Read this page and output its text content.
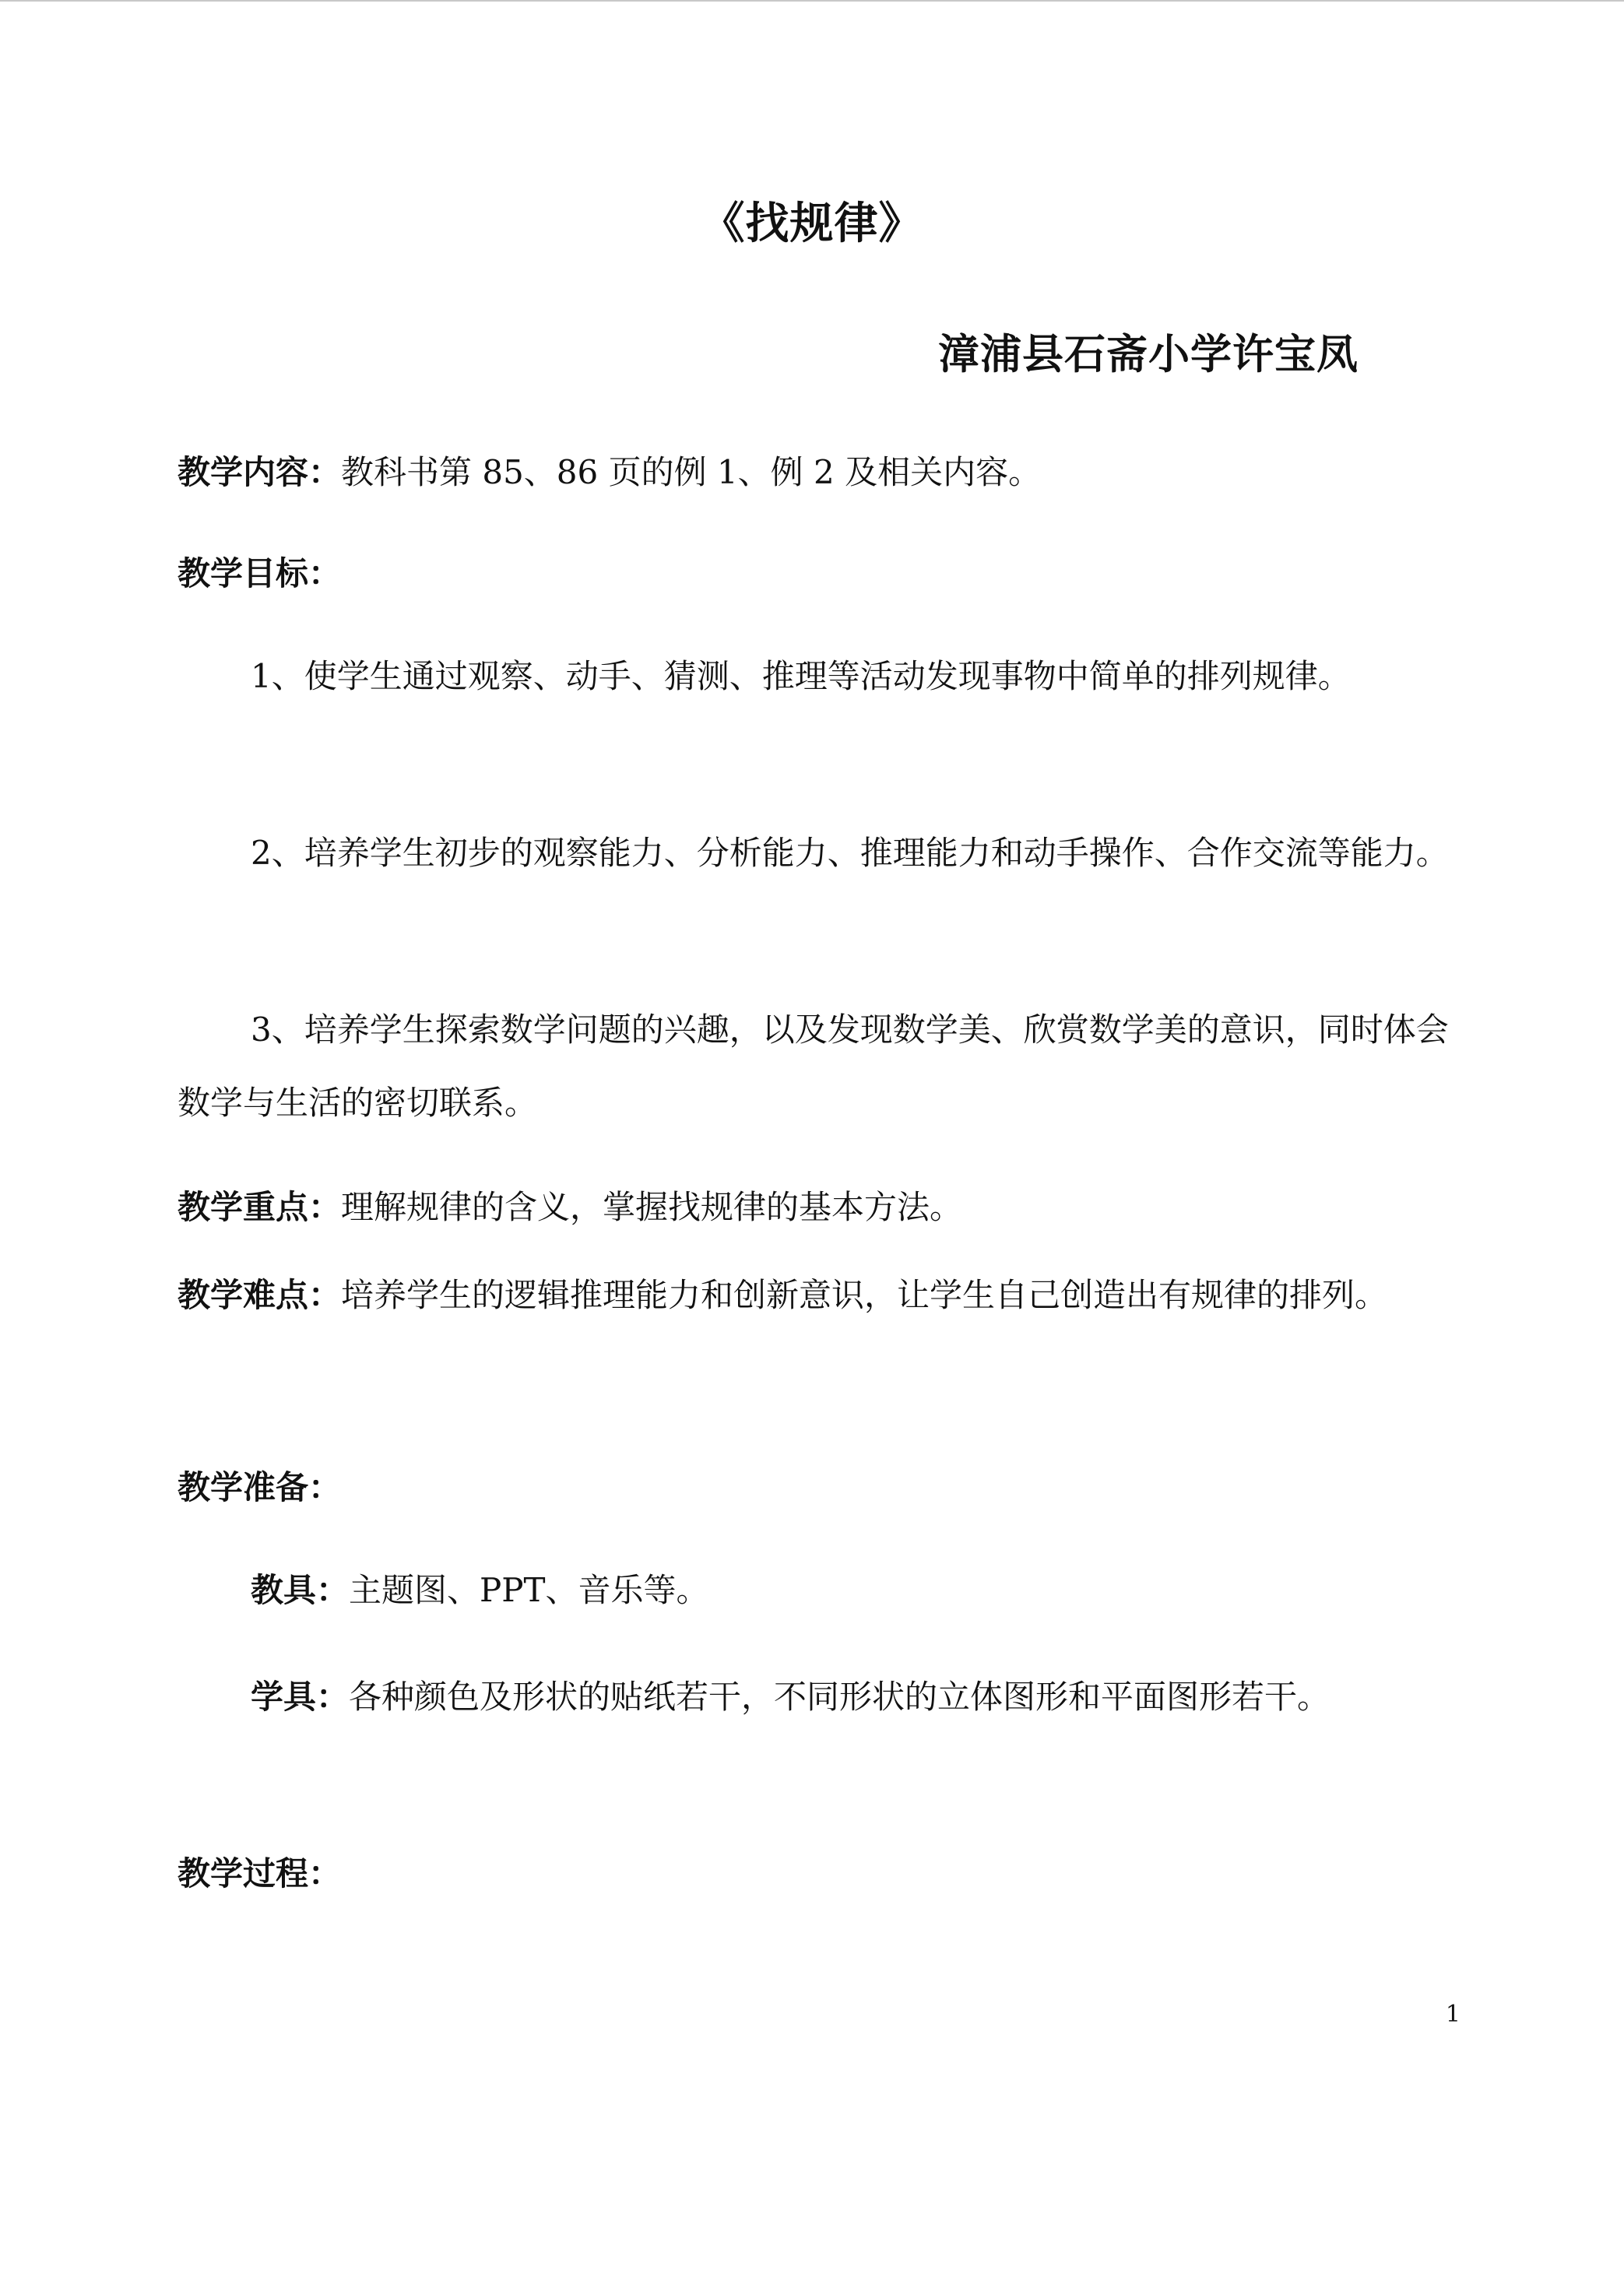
《找规律》
漳浦县石斋小学许宝凤
教学内容：教科书第 85、86 页的例 1、例 2 及相关内容。
教学目标：
1、使学生通过观察、动手、猜测、推理等活动发现事物中简单的排列规律。
2、培养学生初步的观察能力、分析能力、推理能力和动手操作、合作交流等能力。
3、培养学生探索数学问题的兴趣，以及发现数学美、欣赏数学美的意识，同时体会数学与生活的密切联系。
教学重点：理解规律的含义，掌握找规律的基本方法。
教学难点：培养学生的逻辑推理能力和创新意识，让学生自己创造出有规律的排列。
教学准备：
教具：主题图、PPT、音乐等。
学具：各种颜色及形状的贴纸若干，不同形状的立体图形和平面图形若干。
教学过程：
1
